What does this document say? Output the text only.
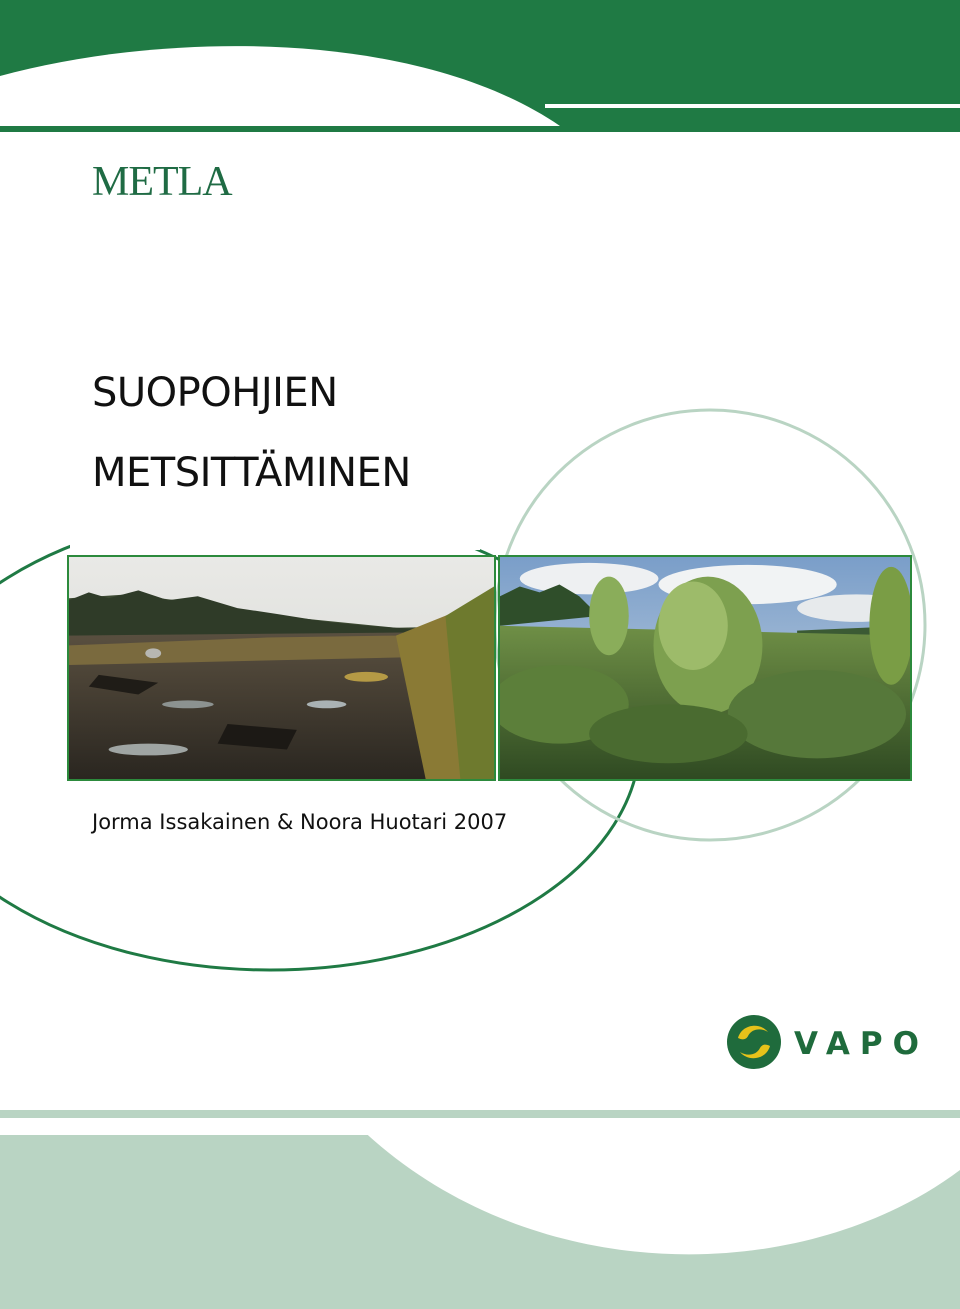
METLA
SUOPOHJIEN
METSITTÄMINEN
Jorma Issakainen & Noora Huotari 2007
VAPO
